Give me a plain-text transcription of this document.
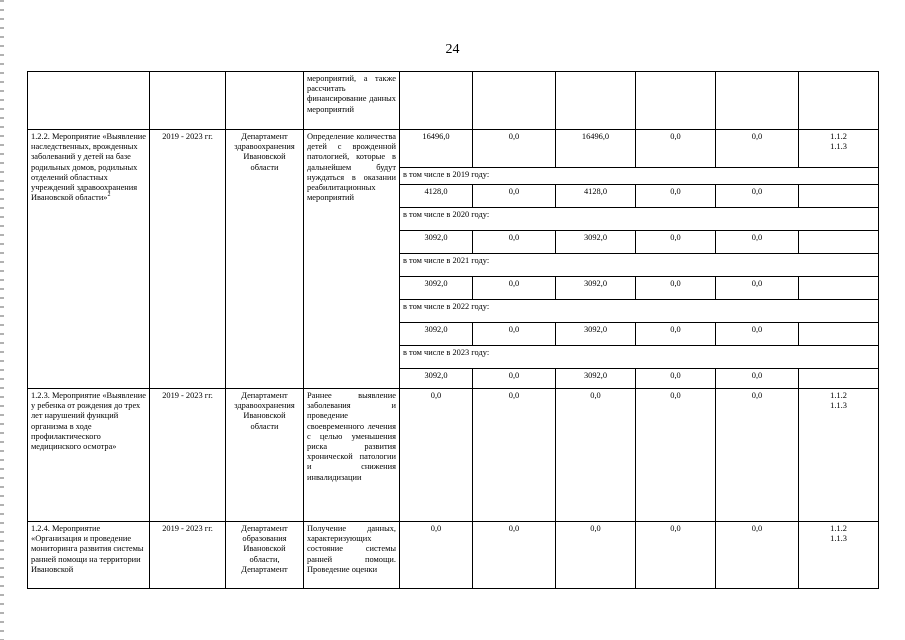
24
			мероприятий, а также рассчитать финансирование данных мероприятий						
1.2.2. Мероприятие «Выявление наследственных, врожденных заболеваний у детей на базе родильных домов, родильных отделений областных учреждений здравоохранения Ивановской области»$^2$	2019 - 2023 гг.	Департамент здравоохранения Ивановской области	Определение количества детей с врожденной патологией, которые в дальнейшем будут нуждаться в оказании реабилитационных мероприятий	16496,0	0,0	16496,0	0,0	0,0	1.1.2
1.1.3
				в том числе в 2019 году:					
				4128,0	0,0	4128,0	0,0	0,0	
				в том числе в 2020 году:					
				3092,0	0,0	3092,0	0,0	0,0	
				в том числе в 2021 году:					
				3092,0	0,0	3092,0	0,0	0,0	
				в том числе в 2022 году:					
				3092,0	0,0	3092,0	0,0	0,0	
				в том числе в 2023 году:					
				3092,0	0,0	3092,0	0,0	0,0	
1.2.3. Мероприятие «Выявление у ребенка от рождения до трех лет нарушений функций организма в ходе профилактического медицинского осмотра»	2019 - 2023 гг.	Департамент здравоохранения Ивановской области	Раннее выявление заболевания и проведение своевременного лечения с целью уменьшения риска развития хронической патологии и снижения инвалидизации	0,0	0,0	0,0	0,0	0,0	1.1.2
1.1.3
1.2.4. Мероприятие «Организация и проведение мониторинга развития системы ранней помощи на территории Ивановской	2019 - 2023 гг.	Департамент образования Ивановской области, Департамент	Получение данных, характеризующих состояние системы ранней помощи. Проведение оценки	0,0	0,0	0,0	0,0	0,0	1.1.2
1.1.3
